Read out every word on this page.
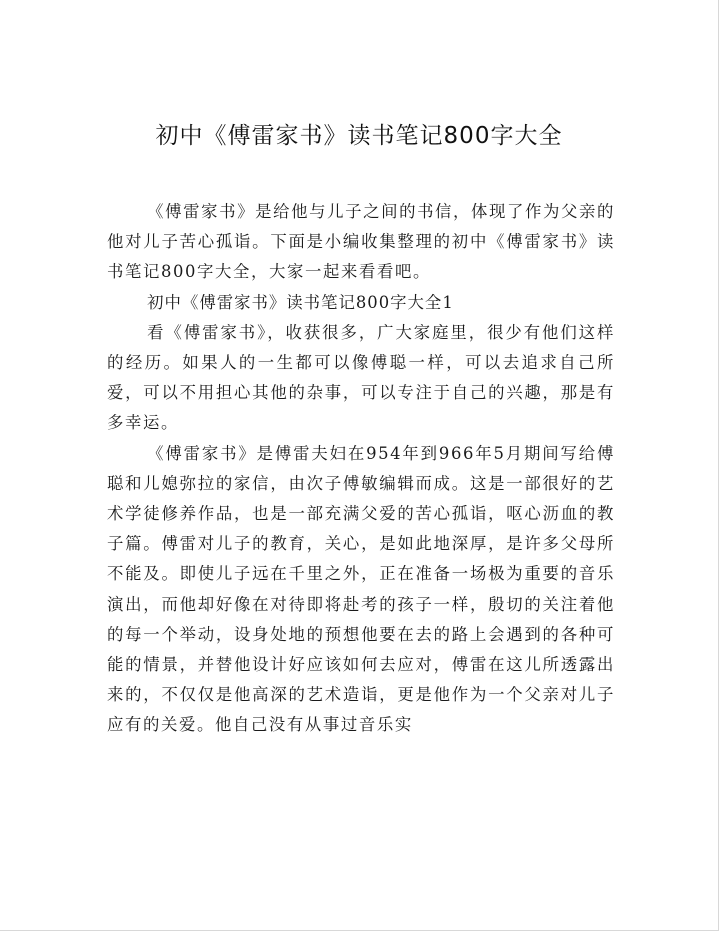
初中《傅雷家书》读书笔记800字大全

《傅雷家书》是给他与儿子之间的书信，体现了作为父亲的他对儿子苦心孤诣。下面是小编收集整理的初中《傅雷家书》读书笔记800字大全，大家一起来看看吧。

初中《傅雷家书》读书笔记800字大全1

看《傅雷家书》，收获很多，广大家庭里，很少有他们这样的经历。如果人的一生都可以像傅聪一样，可以去追求自己所爱，可以不用担心其他的杂事，可以专注于自己的兴趣，那是有多幸运。

《傅雷家书》是傅雷夫妇在954年到966年5月期间写给傅聪和儿媳弥拉的家信，由次子傅敏编辑而成。这是一部很好的艺术学徒修养作品，也是一部充满父爱的苦心孤诣，呕心沥血的教子篇。傅雷对儿子的教育，关心，是如此地深厚，是许多父母所不能及。即使儿子远在千里之外，正在准备一场极为重要的音乐演出，而他却好像在对待即将赴考的孩子一样，殷切的关注着他的每一个举动，设身处地的预想他要在去的路上会遇到的各种可能的情景，并替他设计好应该如何去应对，傅雷在这儿所透露出来的，不仅仅是他高深的艺术造诣，更是他作为一个父亲对儿子应有的关爱。他自己没有从事过音乐实
